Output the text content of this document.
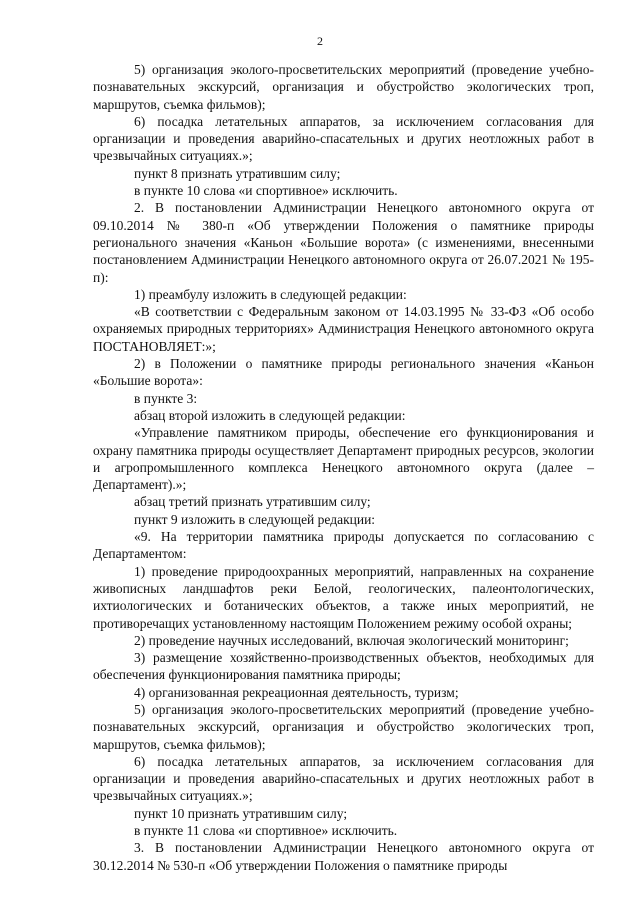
2

5) организация эколого-просветительских мероприятий (проведение учебно-познавательных экскурсий, организация и обустройство экологических троп, маршрутов, съемка фильмов);

6) посадка летательных аппаратов, за исключением согласования для организации и проведения аварийно-спасательных и других неотложных работ в чрезвычайных ситуациях.»;

пункт 8 признать утратившим силу;

в пункте 10 слова «и спортивное» исключить.

2. В постановлении Администрации Ненецкого автономного округа от 09.10.2014 № 380-п «Об утверждении Положения о памятнике природы регионального значения «Каньон «Большие ворота» (с изменениями, внесенными постановлением Администрации Ненецкого автономного округа от 26.07.2021 № 195-п):

1) преамбулу изложить в следующей редакции:

«В соответствии с Федеральным законом от 14.03.1995 № 33-ФЗ «Об особо охраняемых природных территориях» Администрация Ненецкого автономного округа ПОСТАНОВЛЯЕТ:»;

2) в Положении о памятнике природы регионального значения «Каньон «Большие ворота»:

в пункте 3:

абзац второй изложить в следующей редакции:

«Управление памятником природы, обеспечение его функционирования и охрану памятника природы осуществляет Департамент природных ресурсов, экологии и агропромышленного комплекса Ненецкого автономного округа (далее – Департамент).»;

абзац третий признать утратившим силу;

пункт 9 изложить в следующей редакции:

«9. На территории памятника природы допускается по согласованию с Департаментом:

1) проведение природоохранных мероприятий, направленных на сохранение живописных ландшафтов реки Белой, геологических, палеонтологических, ихтиологических и ботанических объектов, а также иных мероприятий, не противоречащих установленному настоящим Положением режиму особой охраны;

2) проведение научных исследований, включая экологический мониторинг;

3) размещение хозяйственно-производственных объектов, необходимых для обеспечения функционирования памятника природы;

4) организованная рекреационная деятельность, туризм;

5) организация эколого-просветительских мероприятий (проведение учебно-познавательных экскурсий, организация и обустройство экологических троп, маршрутов, съемка фильмов);

6) посадка летательных аппаратов, за исключением согласования для организации и проведения аварийно-спасательных и других неотложных работ в чрезвычайных ситуациях.»;

пункт 10 признать утратившим силу;

в пункте 11 слова «и спортивное» исключить.

3. В постановлении Администрации Ненецкого автономного округа от 30.12.2014 № 530-п «Об утверждении Положения о памятнике природы
